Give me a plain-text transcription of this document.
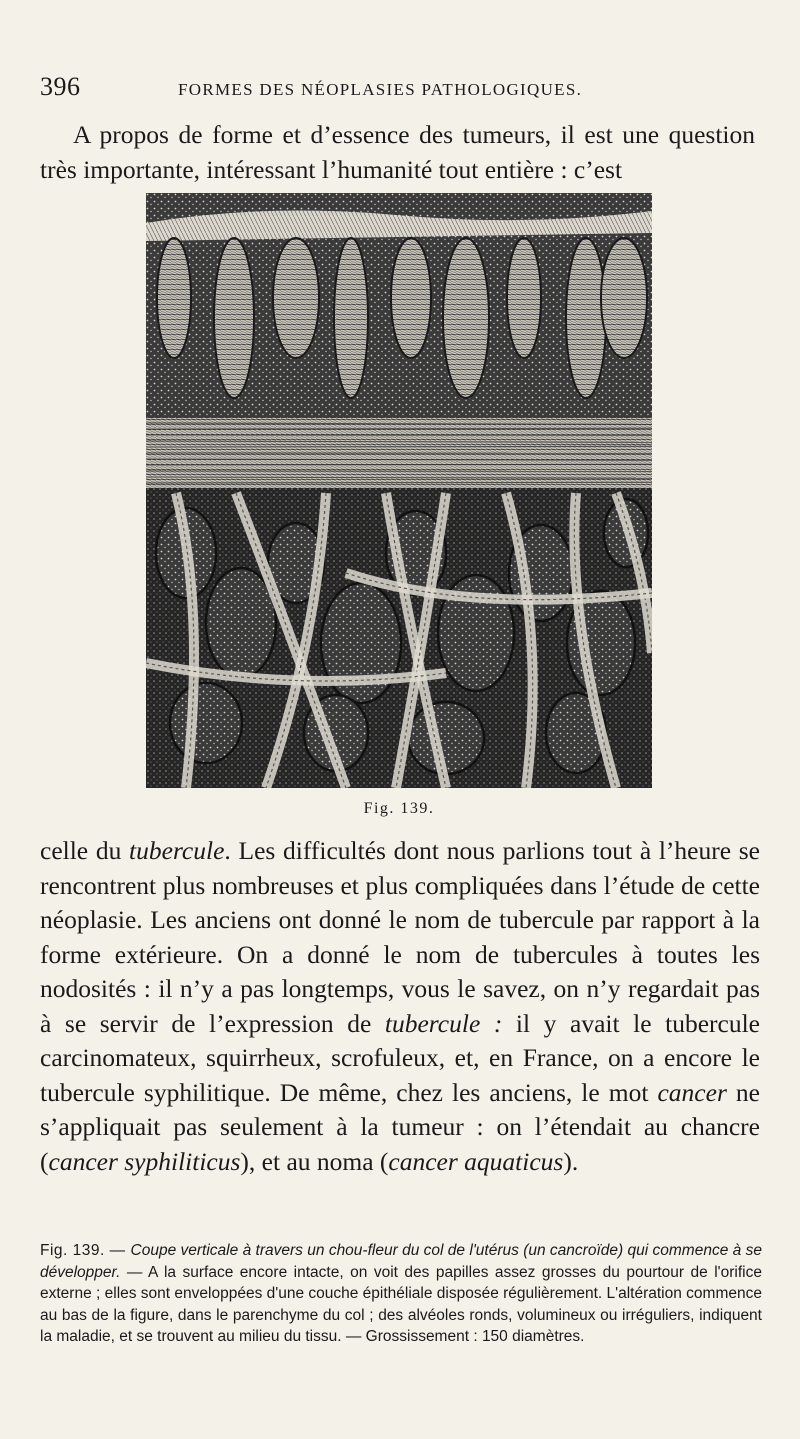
396	FORMES DES NÉOPLASIES PATHOLOGIQUES.

A propos de forme et d’essence des tumeurs, il est une question très importante, intéressant l’humanité tout entière : c’est

Fig. 139.

celle du tubercule. Les difficultés dont nous parlions tout à l’heure se rencontrent plus nombreuses et plus compliquées dans l’étude de cette néoplasie. Les anciens ont donné le nom de tubercule par rapport à la forme extérieure. On a donné le nom de tubercules à toutes les nodosités : il n’y a pas longtemps, vous le savez, on n’y regardait pas à se servir de l’expression de tubercule : il y avait le tubercule carcinomateux, squirrheux, scrofuleux, et, en France, on a encore le tubercule syphilitique. De même, chez les anciens, le mot cancer ne s’appliquait pas seulement à la tumeur : on l’étendait au chancre (cancer syphiliticus), et au noma (cancer aquaticus).

Fig. 139. — Coupe verticale à travers un chou-fleur du col de l'utérus (un cancroïde) qui commence à se développer. — A la surface encore intacte, on voit des papilles assez grosses du pourtour de l'orifice externe ; elles sont enveloppées d'une couche épithéliale disposée régulièrement. L'altération commence au bas de la figure, dans le parenchyme du col ; des alvéoles ronds, volumineux ou irréguliers, indiquent la maladie, et se trouvent au milieu du tissu. — Grossissement : 150 diamètres.
